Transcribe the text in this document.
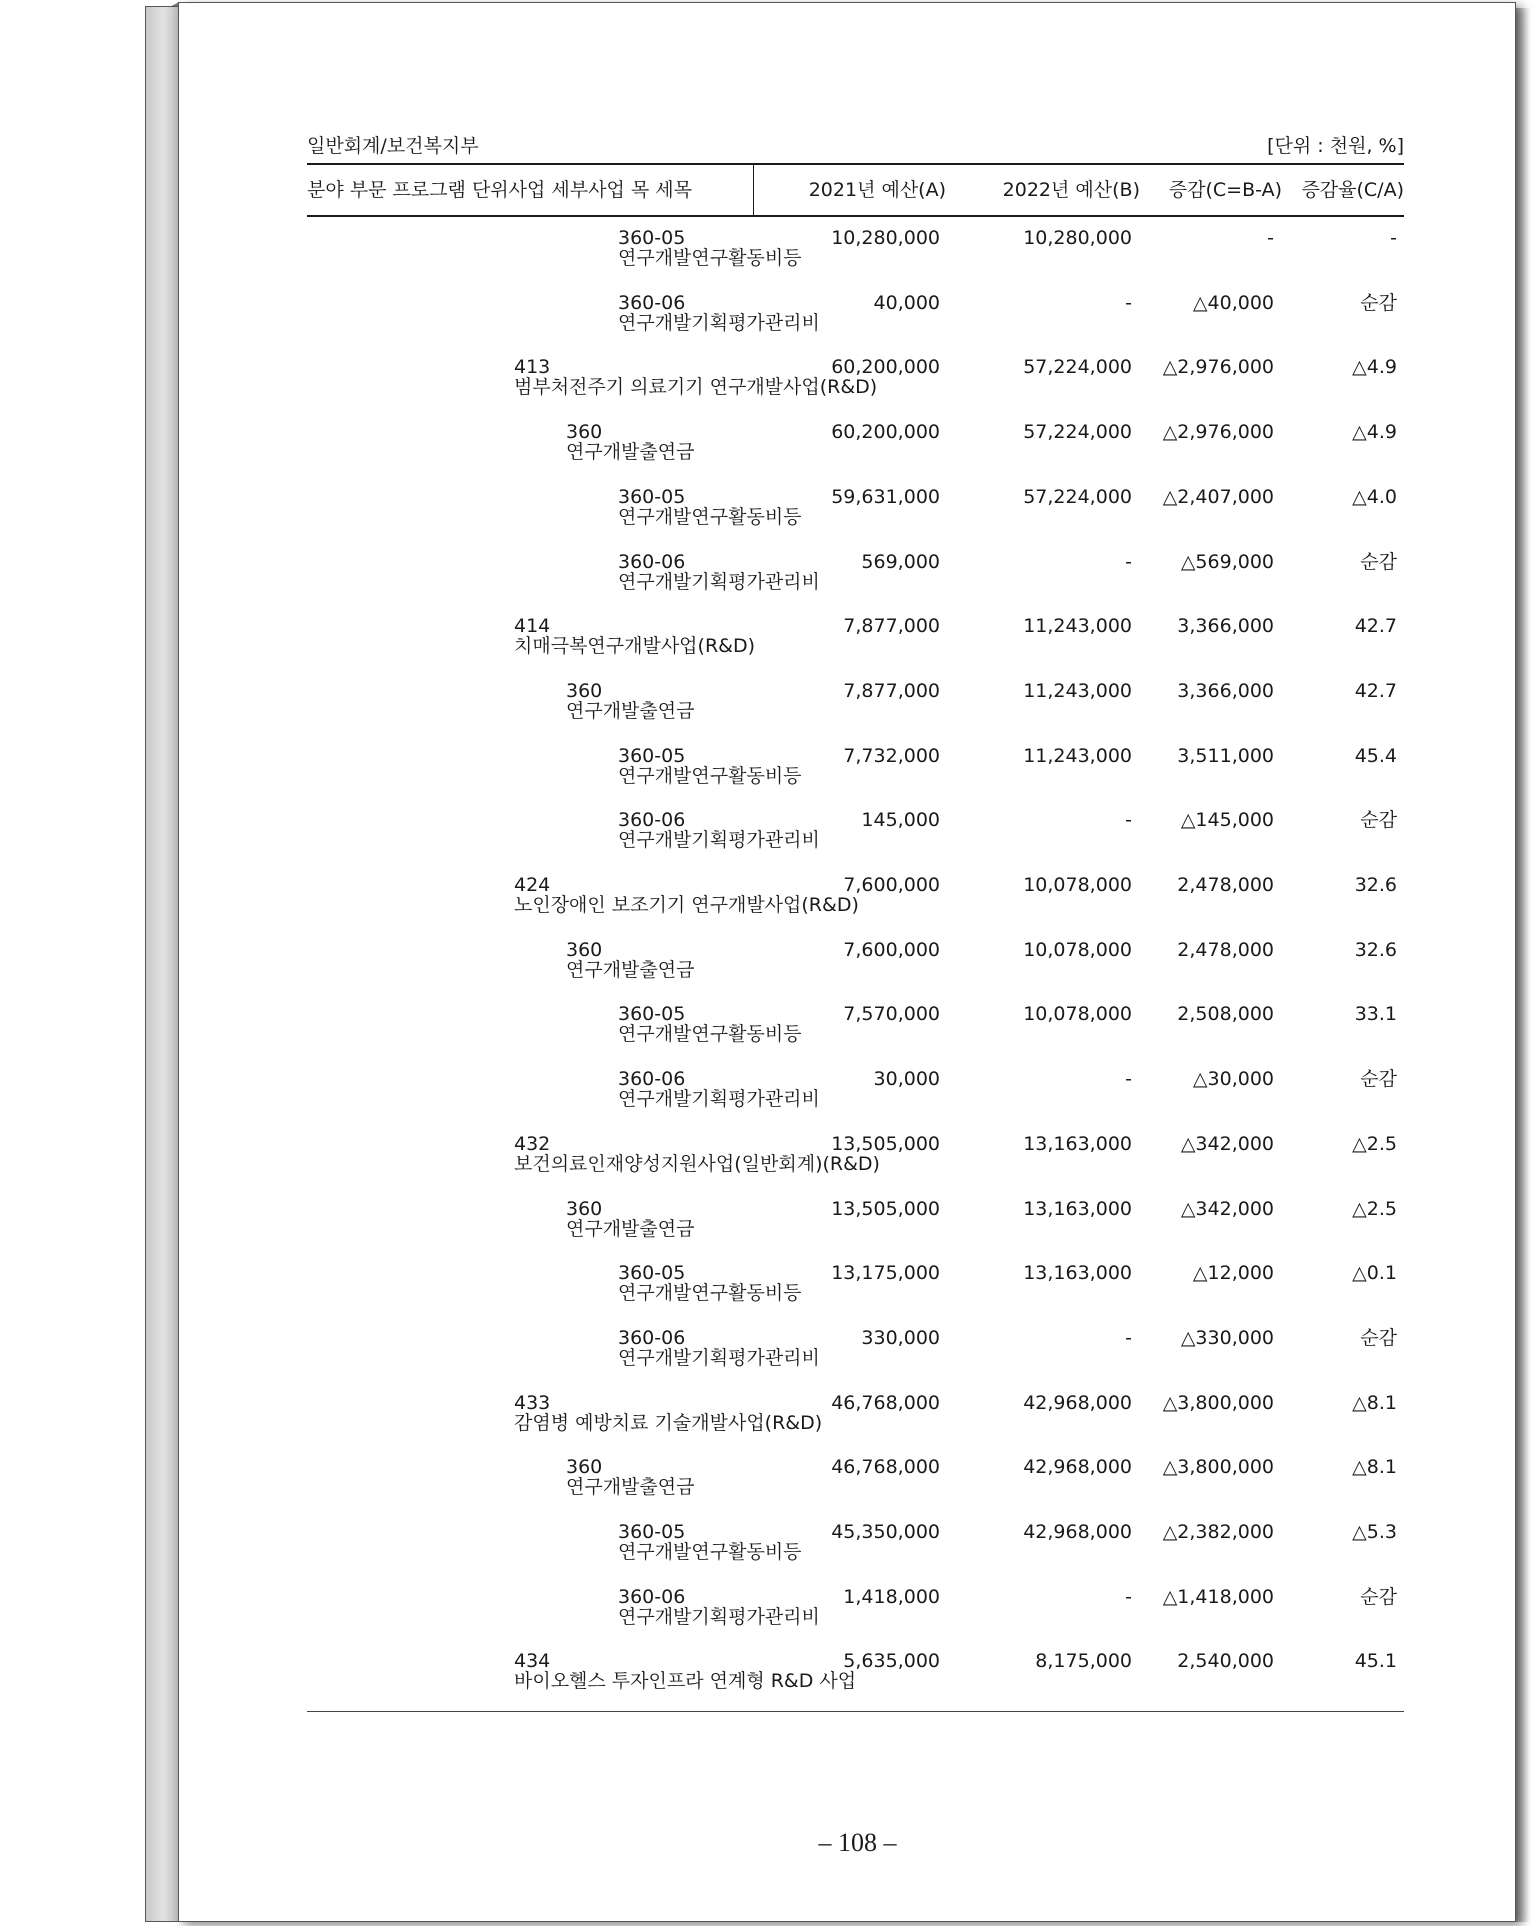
일반회계/보건복지부	[단위 : 천원, %]
분야 부문 프로그램 단위사업 세부사업 목 세목	2021년 예산(A)	2022년 예산(B)	증감(C=B-A)	증감율(C/A)
360-05
연구개발연구활동비등
10,280,000	10,280,000	-	-
360-06
연구개발기획평가관리비
40,000	-	△40,000	순감
413
범부처전주기 의료기기 연구개발사업(R&D)
60,200,000	57,224,000	△2,976,000	△4.9
360
연구개발출연금
60,200,000	57,224,000	△2,976,000	△4.9
360-05
연구개발연구활동비등
59,631,000	57,224,000	△2,407,000	△4.0
360-06
연구개발기획평가관리비
569,000	-	△569,000	순감
414
치매극복연구개발사업(R&D)
7,877,000	11,243,000	3,366,000	42.7
360
연구개발출연금
7,877,000	11,243,000	3,366,000	42.7
360-05
연구개발연구활동비등
7,732,000	11,243,000	3,511,000	45.4
360-06
연구개발기획평가관리비
145,000	-	△145,000	순감
424
노인장애인 보조기기 연구개발사업(R&D)
7,600,000	10,078,000	2,478,000	32.6
360
연구개발출연금
7,600,000	10,078,000	2,478,000	32.6
360-05
연구개발연구활동비등
7,570,000	10,078,000	2,508,000	33.1
360-06
연구개발기획평가관리비
30,000	-	△30,000	순감
432
보건의료인재양성지원사업(일반회계)(R&D)
13,505,000	13,163,000	△342,000	△2.5
360
연구개발출연금
13,505,000	13,163,000	△342,000	△2.5
360-05
연구개발연구활동비등
13,175,000	13,163,000	△12,000	△0.1
360-06
연구개발기획평가관리비
330,000	-	△330,000	순감
433
감염병 예방치료 기술개발사업(R&D)
46,768,000	42,968,000	△3,800,000	△8.1
360
연구개발출연금
46,768,000	42,968,000	△3,800,000	△8.1
360-05
연구개발연구활동비등
45,350,000	42,968,000	△2,382,000	△5.3
360-06
연구개발기획평가관리비
1,418,000	-	△1,418,000	순감
434
바이오헬스 투자인프라 연계형 R&D 사업
5,635,000	8,175,000	2,540,000	45.1
– 108 –
